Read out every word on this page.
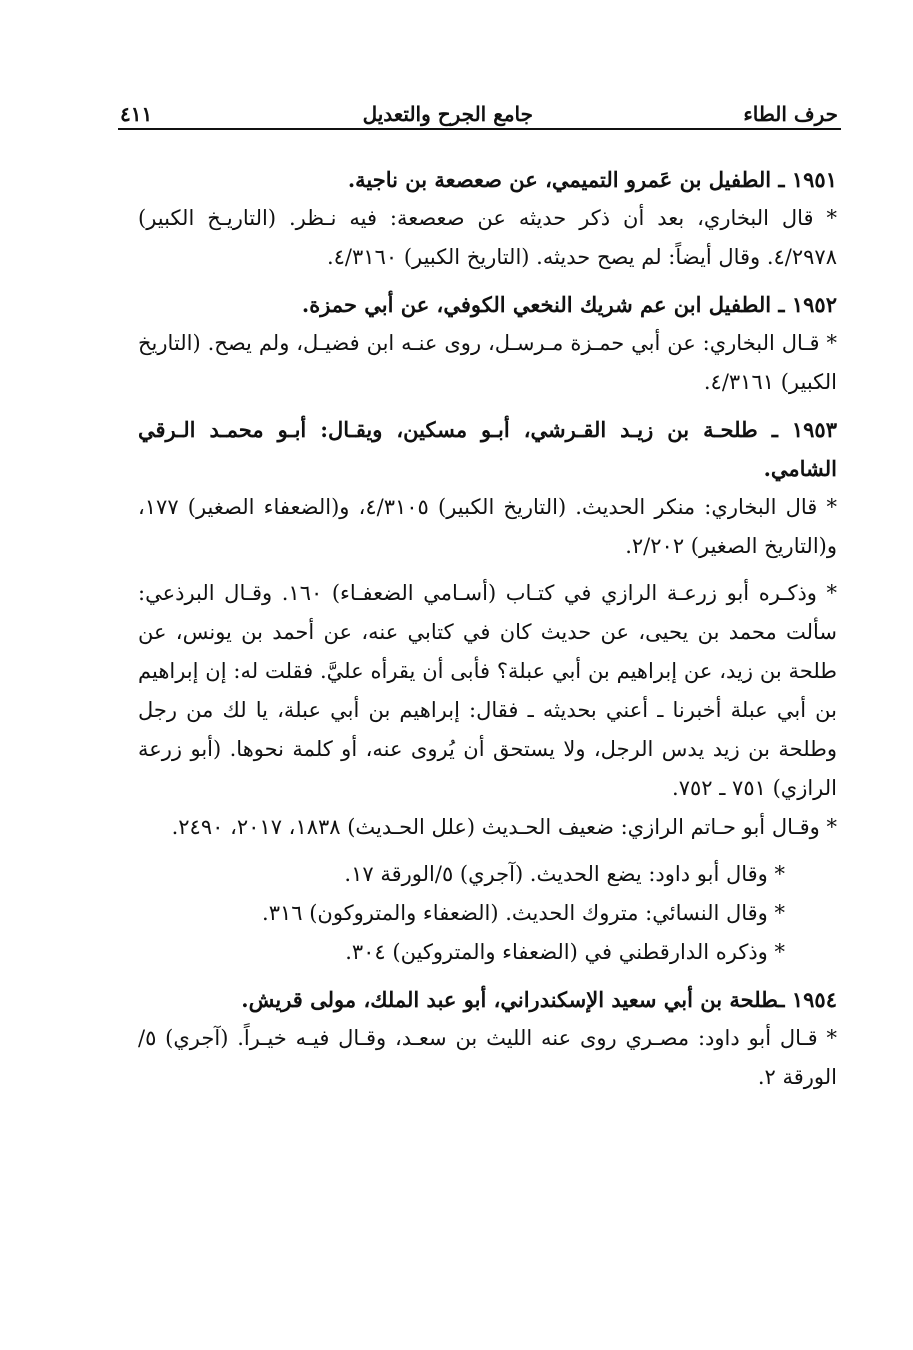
٤١١	جامع الجرح والتعديل	حرف الطاء

١٩٥١ ـ الطفيل بن عَمرو التميمي، عن صعصعة بن ناجية.

* قال البخاري، بعد أن ذكر حديثه عن صعصعة: فيه نـظر. (التاريـخ الكبير) ٤/٢٩٧٨. وقال أيضاً: لم يصح حديثه. (التاريخ الكبير) ٤/٣١٦٠.

١٩٥٢ ـ الطفيل ابن عم شريك النخعي الكوفي، عن أبي حمزة.

* قـال البخاري: عن أبي حمـزة مـرسـل، روى عنـه ابن فضيـل، ولم يصح. (التاريخ الكبير) ٤/٣١٦١.

١٩٥٣ ـ طلحـة بن زيـد القـرشي، أبـو مسكين، ويقـال: أبـو محمـد الـرقي الشامي.

* قال البخاري: منكر الحديث. (التاريخ الكبير) ٤/٣١٠٥، و(الضعفاء الصغير) ١٧٧، و(التاريخ الصغير) ٢/٢٠٢.

* وذكـره أبو زرعـة الرازي في كتـاب (أسـامي الضعفـاء) ١٦٠. وقـال البرذعي: سألت محمد بن يحيى، عن حديث كان في كتابي عنه، عن أحمد بن يونس، عن طلحة بن زيد، عن إبراهيم بن أبي عبلة؟ فأبى أن يقرأه عليَّ. فقلت له: إن إبراهيم بن أبي عبلة أخبرنا ـ أعني بحديثه ـ فقال: إبراهيم بن أبي عبلة، يا لك من رجل وطلحة بن زيد يدس الرجل، ولا يستحق أن يُروى عنه، أو كلمة نحوها. (أبو زرعة الرازي) ٧٥١ ـ ٧٥٢.

* وقـال أبو حـاتم الرازي: ضعيف الحـديث (علل الحـديث) ١٨٣٨، ٢٠١٧، ٢٤٩٠.

* وقال أبو داود: يضع الحديث. (آجري) ٥/الورقة ١٧.

* وقال النسائي: متروك الحديث. (الضعفاء والمتروكون) ٣١٦.

* وذكره الدارقطني في (الضعفاء والمتروكين) ٣٠٤.

١٩٥٤ ـطلحة بن أبي سعيد الإسكندراني، أبو عبد الملك، مولى قريش.

* قـال أبو داود: مصـري روى عنه الليث بن سعـد، وقـال فيـه خيـراً. (آجري) ٥/الورقة ٢.
